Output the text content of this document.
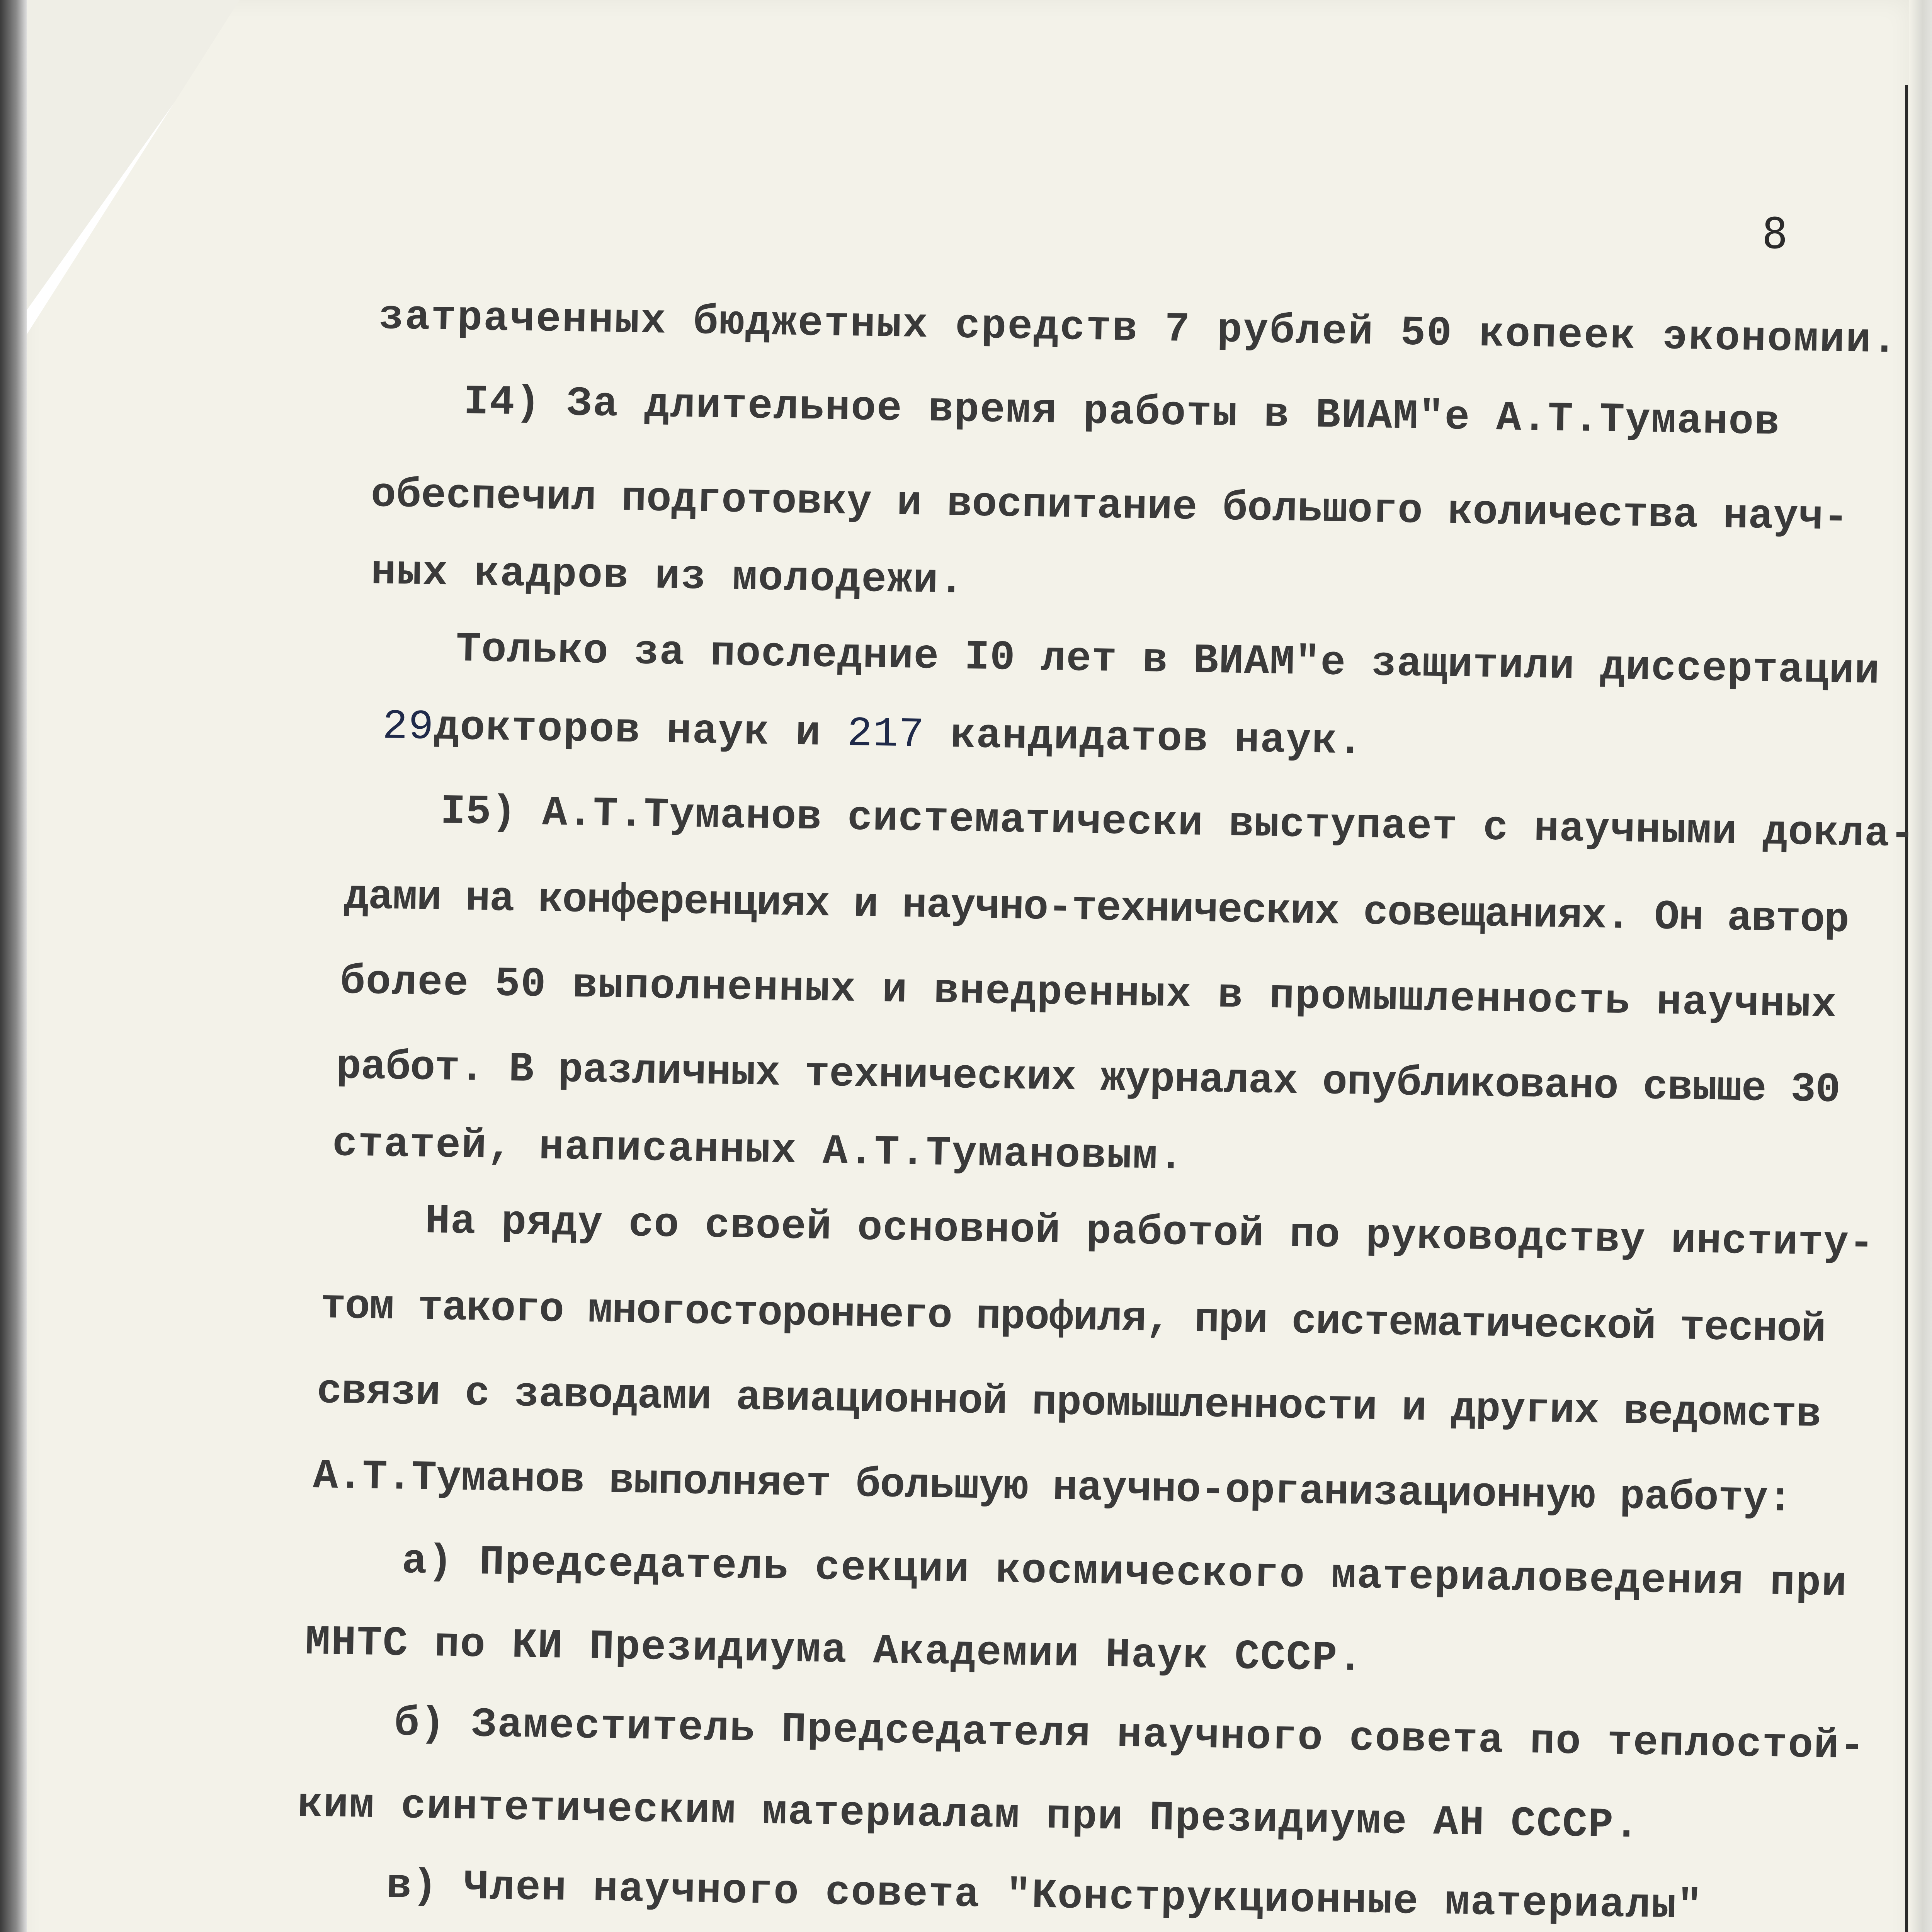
8
затраченных бюджетных средств 7 рублей 50 копеек экономии.
I4) За длительное время работы в ВИАМ"е А.Т.Туманов
обеспечил подготовку и воспитание большого количества науч-
ных кадров из молодежи.
Только за последние I0 лет в ВИАМ"е защитили диссертации
29докторов наук и 217 кандидатов наук.
I5) А.Т.Туманов систематически выступает с научными докла-
дами на конференциях и научно-технических совещаниях. Он автор
более 50 выполненных и внедренных в промышленность научных
работ. В различных технических журналах опубликовано свыше 30
статей, написанных А.Т.Тумановым.
На ряду со своей основной работой по руководству институ-
том такого многостороннего профиля, при систематической тесной
связи с заводами авиационной промышленности и других ведомств
А.Т.Туманов выполняет большую научно-организационную работу:
а) Председатель секции космического материаловедения при
МНТС по КИ Президиума Академии Наук СССР.
б) Заместитель Председателя научного совета по теплостой-
ким синтетическим материалам при Президиуме АН СССР.
в) Член научного совета "Конструкционные материалы"
